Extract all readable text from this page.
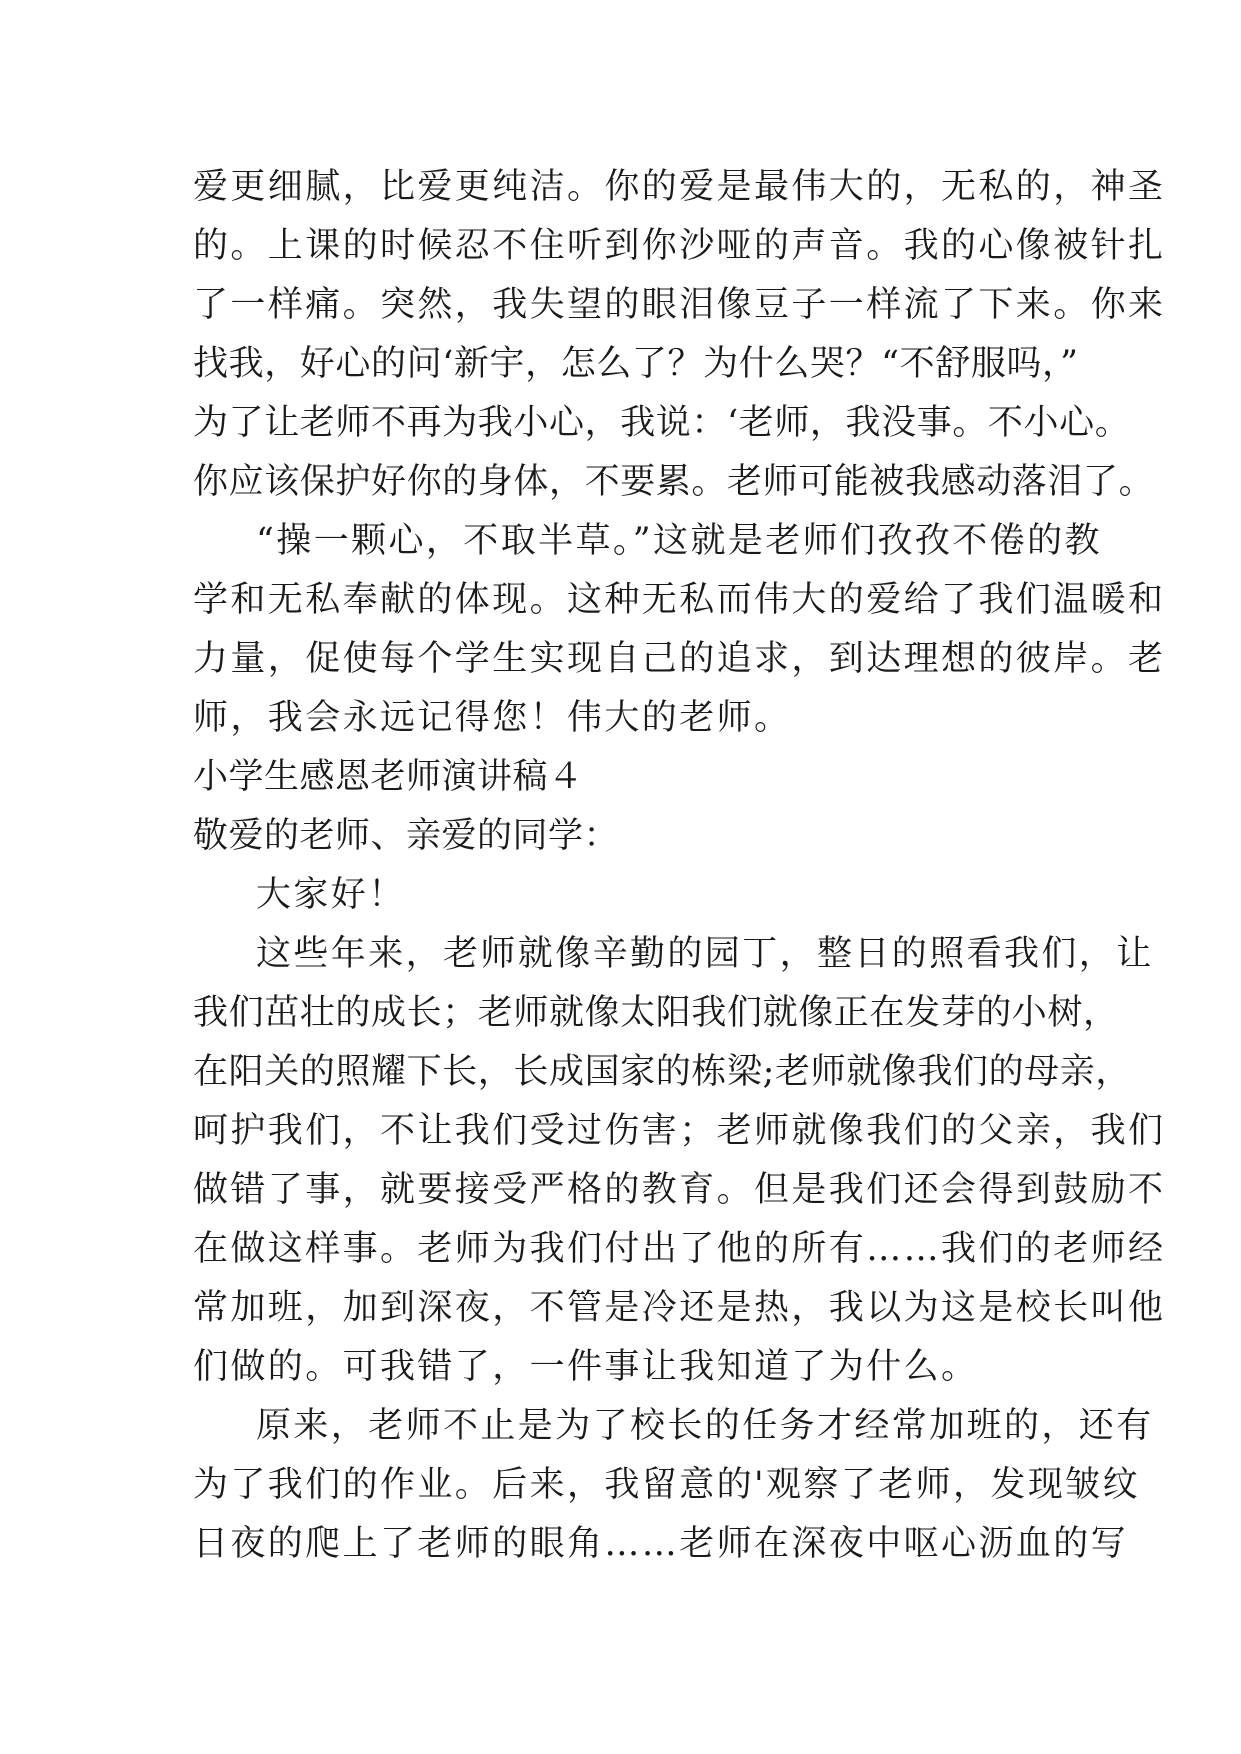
爱更细腻，比爱更纯洁。你的爱是最伟大的，无私的，神圣
的。上课的时候忍不住听到你沙哑的声音。我的心像被针扎
了一样痛。突然，我失望的眼泪像豆子一样流了下来。你来
找我，好心的问‘新宇，怎么了？为什么哭？“不舒服吗，”
为了让老师不再为我小心，我说：‘老师，我没事。不小心。
你应该保护好你的身体，不要累。老师可能被我感动落泪了。
“操一颗心，不取半草。”这就是老师们孜孜不倦的教
学和无私奉献的体现。这种无私而伟大的爱给了我们温暖和
力量，促使每个学生实现自己的追求，到达理想的彼岸。老
师，我会永远记得您！伟大的老师。
小学生感恩老师演讲稿４
敬爱的老师、亲爱的同学：
大家好！
这些年来，老师就像辛勤的园丁，整日的照看我们，让
我们茁壮的成长；老师就像太阳我们就像正在发芽的小树，
在阳关的照耀下长，长成国家的栋梁;老师就像我们的母亲，
呵护我们，不让我们受过伤害；老师就像我们的父亲，我们
做错了事，就要接受严格的教育。但是我们还会得到鼓励不
在做这样事。老师为我们付出了他的所有……我们的老师经
常加班，加到深夜，不管是冷还是热，我以为这是校长叫他
们做的。可我错了，一件事让我知道了为什么。
原来，老师不止是为了校长的任务才经常加班的，还有
为了我们的作业。后来，我留意的'观察了老师，发现皱纹
日夜的爬上了老师的眼角……老师在深夜中呕心沥血的写
